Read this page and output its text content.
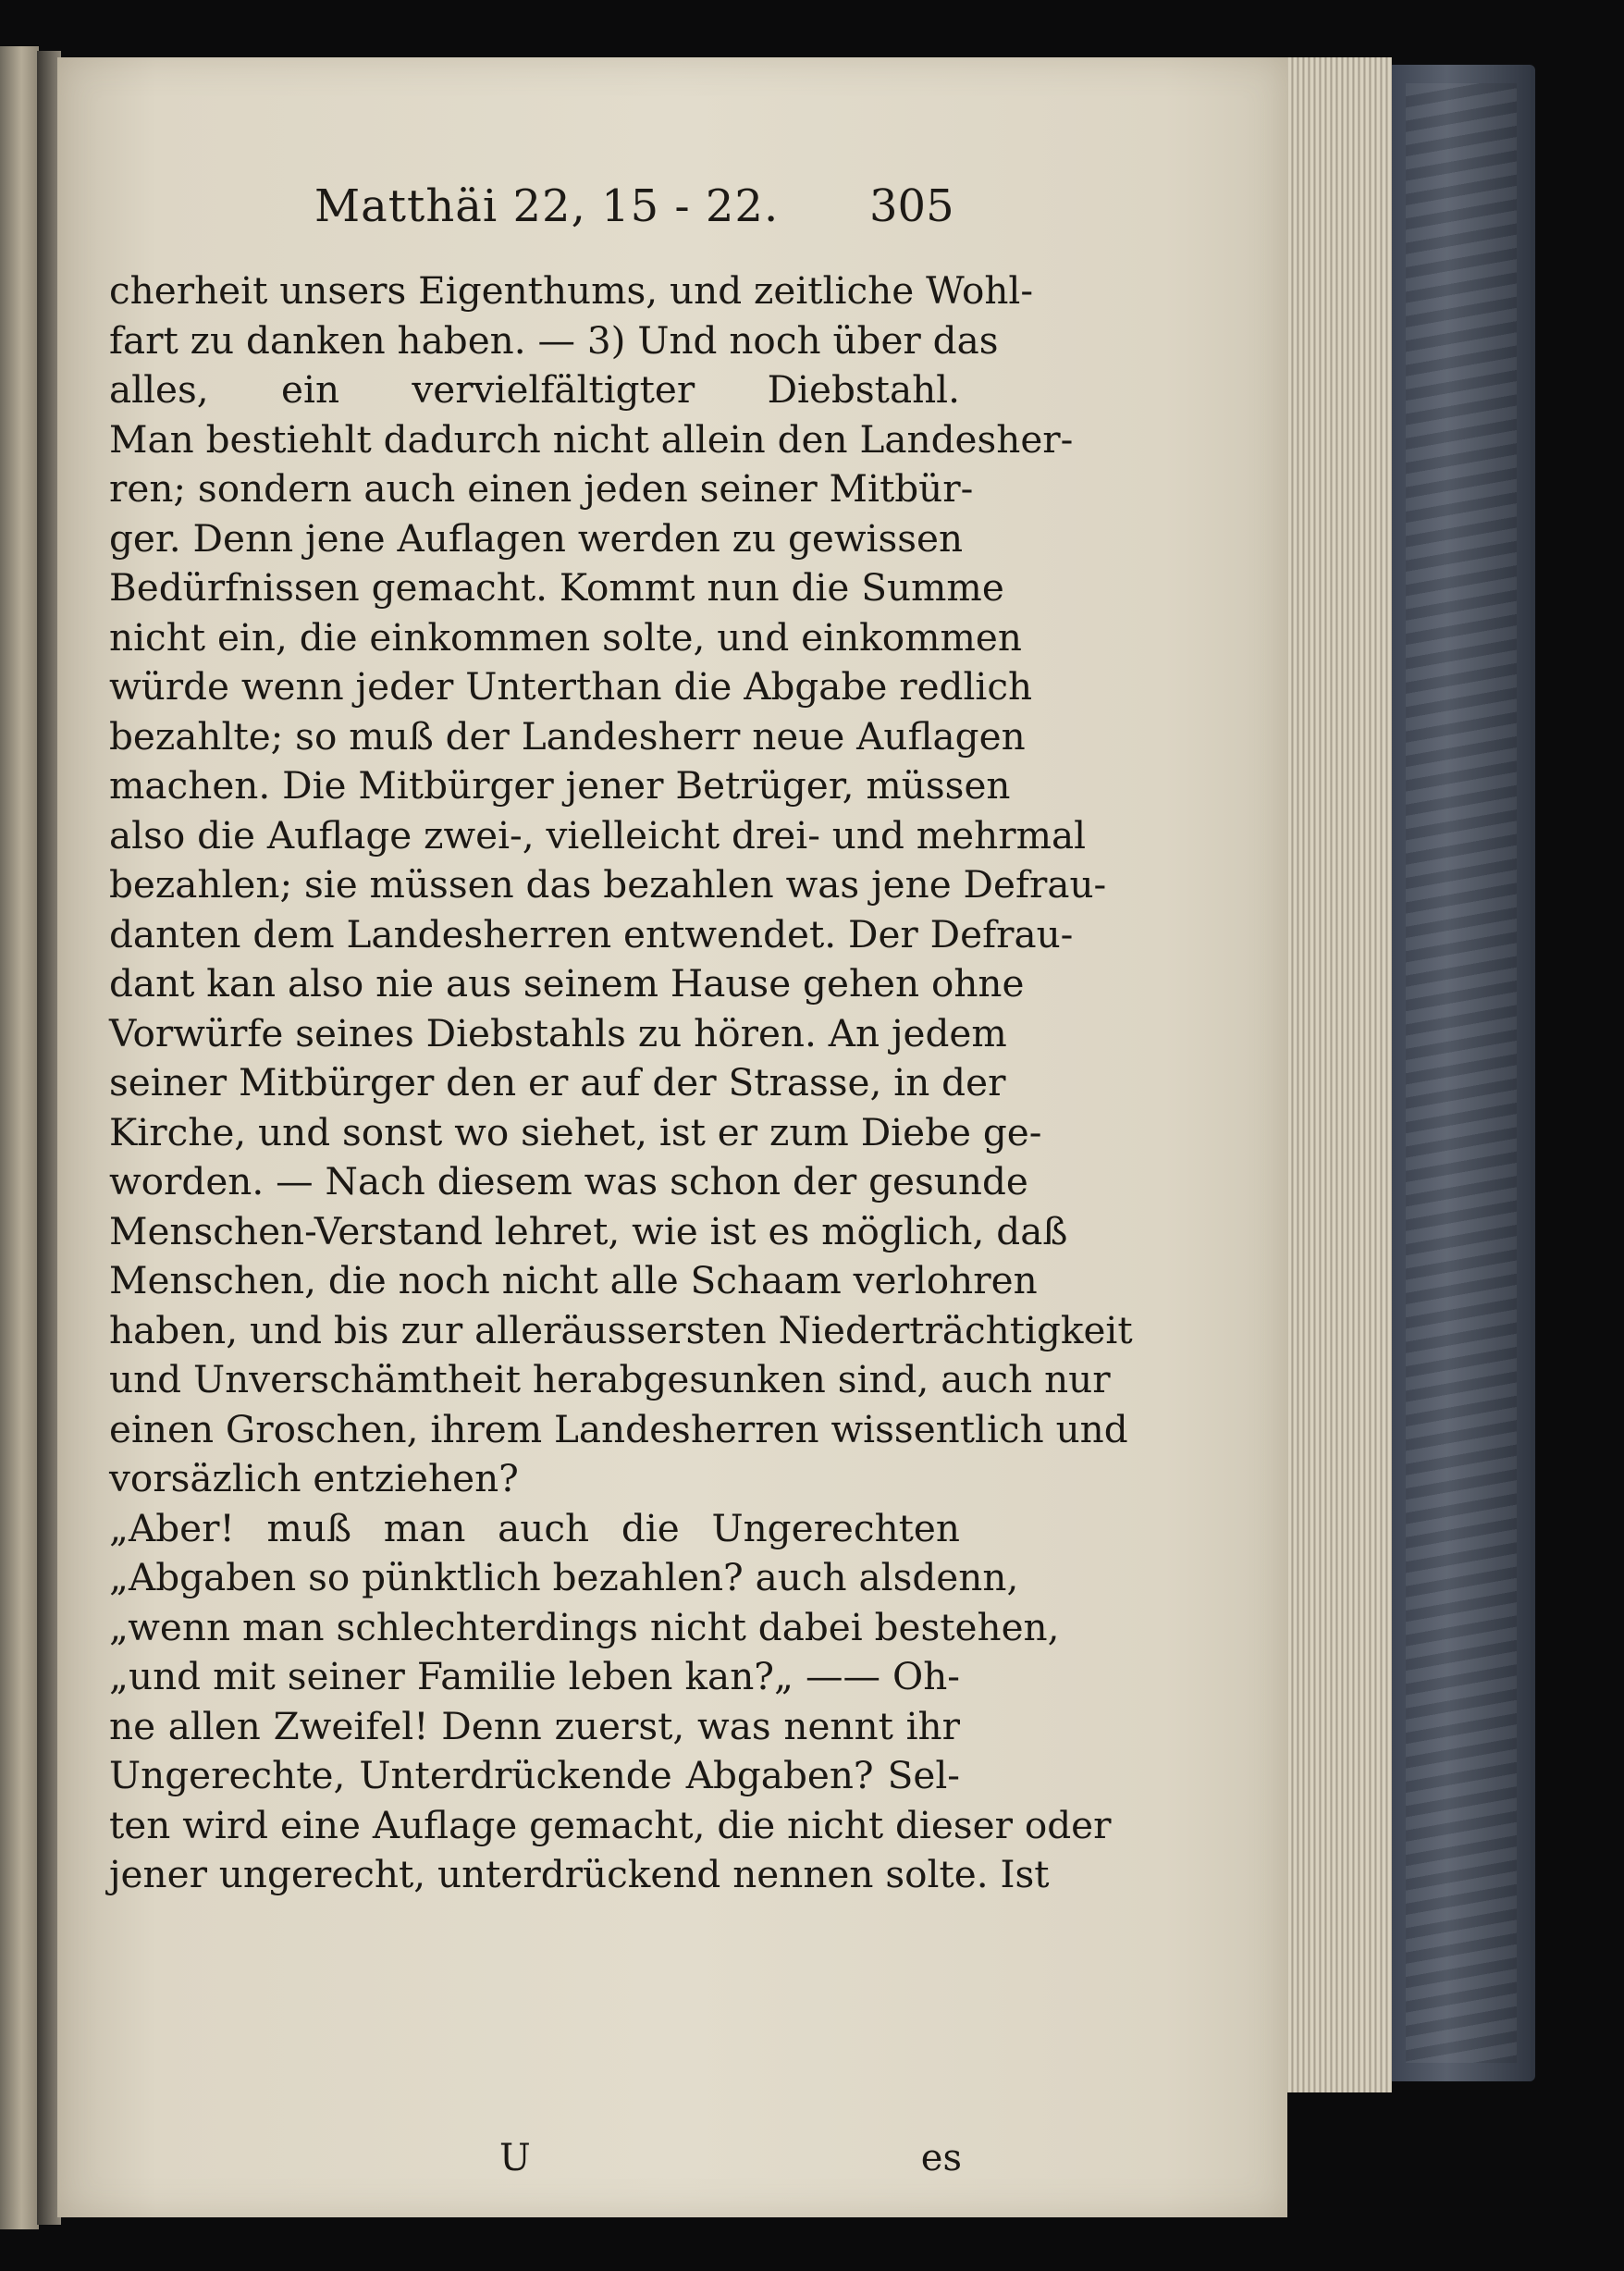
Matthäi 22, 15 - 22. 305
cherheit unsers Eigenthums, und zeitliche Wohl-
fart zu danken haben. — 3) Und noch über das
alles, ein vervielfältigter Diebstahl.
Man bestiehlt dadurch nicht allein den Landesher-
ren; sondern auch einen jeden seiner Mitbür-
ger. Denn jene Auflagen werden zu gewissen
Bedürfnissen gemacht. Kommt nun die Summe
nicht ein, die einkommen solte, und einkommen
würde wenn jeder Unterthan die Abgabe redlich
bezahlte; so muß der Landesherr neue Auflagen
machen. Die Mitbürger jener Betrüger, müssen
also die Auflage zwei-, vielleicht drei- und mehrmal
bezahlen; sie müssen das bezahlen was jene Defrau-
danten dem Landesherren entwendet. Der Defrau-
dant kan also nie aus seinem Hause gehen ohne
Vorwürfe seines Diebstahls zu hören. An jedem
seiner Mitbürger den er auf der Strasse, in der
Kirche, und sonst wo siehet, ist er zum Diebe ge-
worden. — Nach diesem was schon der gesunde
Menschen-Verstand lehret, wie ist es möglich, daß
Menschen, die noch nicht alle Schaam verlohren
haben, und bis zur alleräussersten Niederträchtigkeit
und Unverschämtheit herabgesunken sind, auch nur
einen Groschen, ihrem Landesherren wissentlich und
vorsäzlich entziehen?
„Aber! muß man auch die Ungerechten
„Abgaben so pünktlich bezahlen? auch alsdenn,
„wenn man schlechterdings nicht dabei bestehen,
„und mit seiner Familie leben kan?„ —— Oh-
ne allen Zweifel! Denn zuerst, was nennt ihr
Ungerechte, Unterdrückende Abgaben? Sel-
ten wird eine Auflage gemacht, die nicht dieser oder
jener ungerecht, unterdrückend nennen solte. Ist
U	es
